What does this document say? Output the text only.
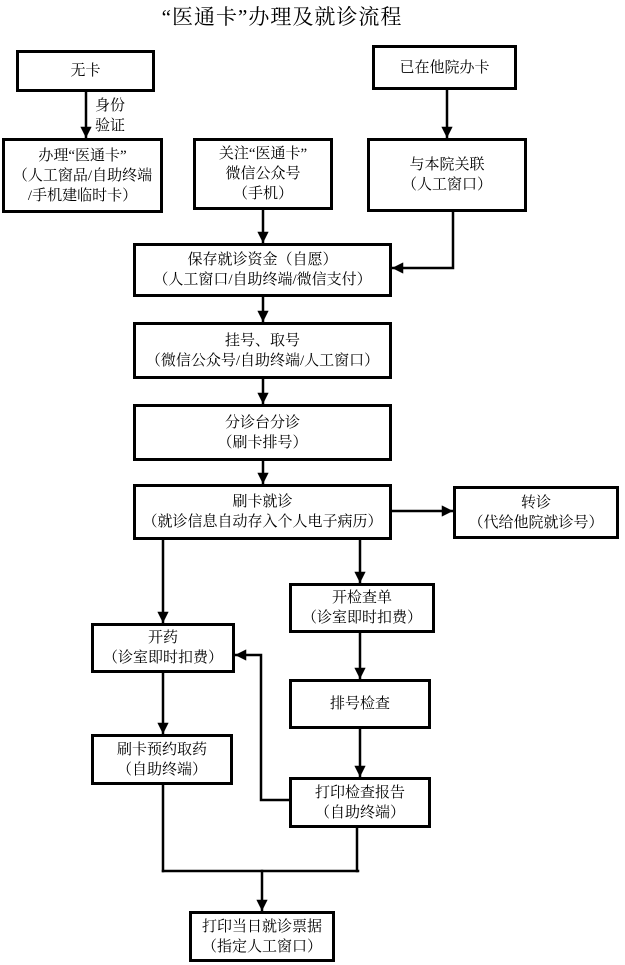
“医通卡”办理及就诊流程
无卡
办理“医通卡”
（人工窗品/自助终端
/手机建临时卡）
关注“医通卡”
微信公众号
（手机）
已在他院办卡
与本院关联
（人工窗口）
保存就诊资金（自愿）
（人工窗口/自助终端/微信支付）
挂号、取号
（微信公众号/自助终端/人工窗口）
分诊台分诊
（刷卡排号）
刷卡就诊
（就诊信息自动存入个人电子病历）
转诊
（代给他院就诊号）
开检查单
（诊室即时扣费）
开药
（诊室即时扣费）
排号检查
刷卡预约取药
（自助终端）
打印检查报告
（自助终端）
打印当日就诊票据
（指定人工窗口）
身份
验证
